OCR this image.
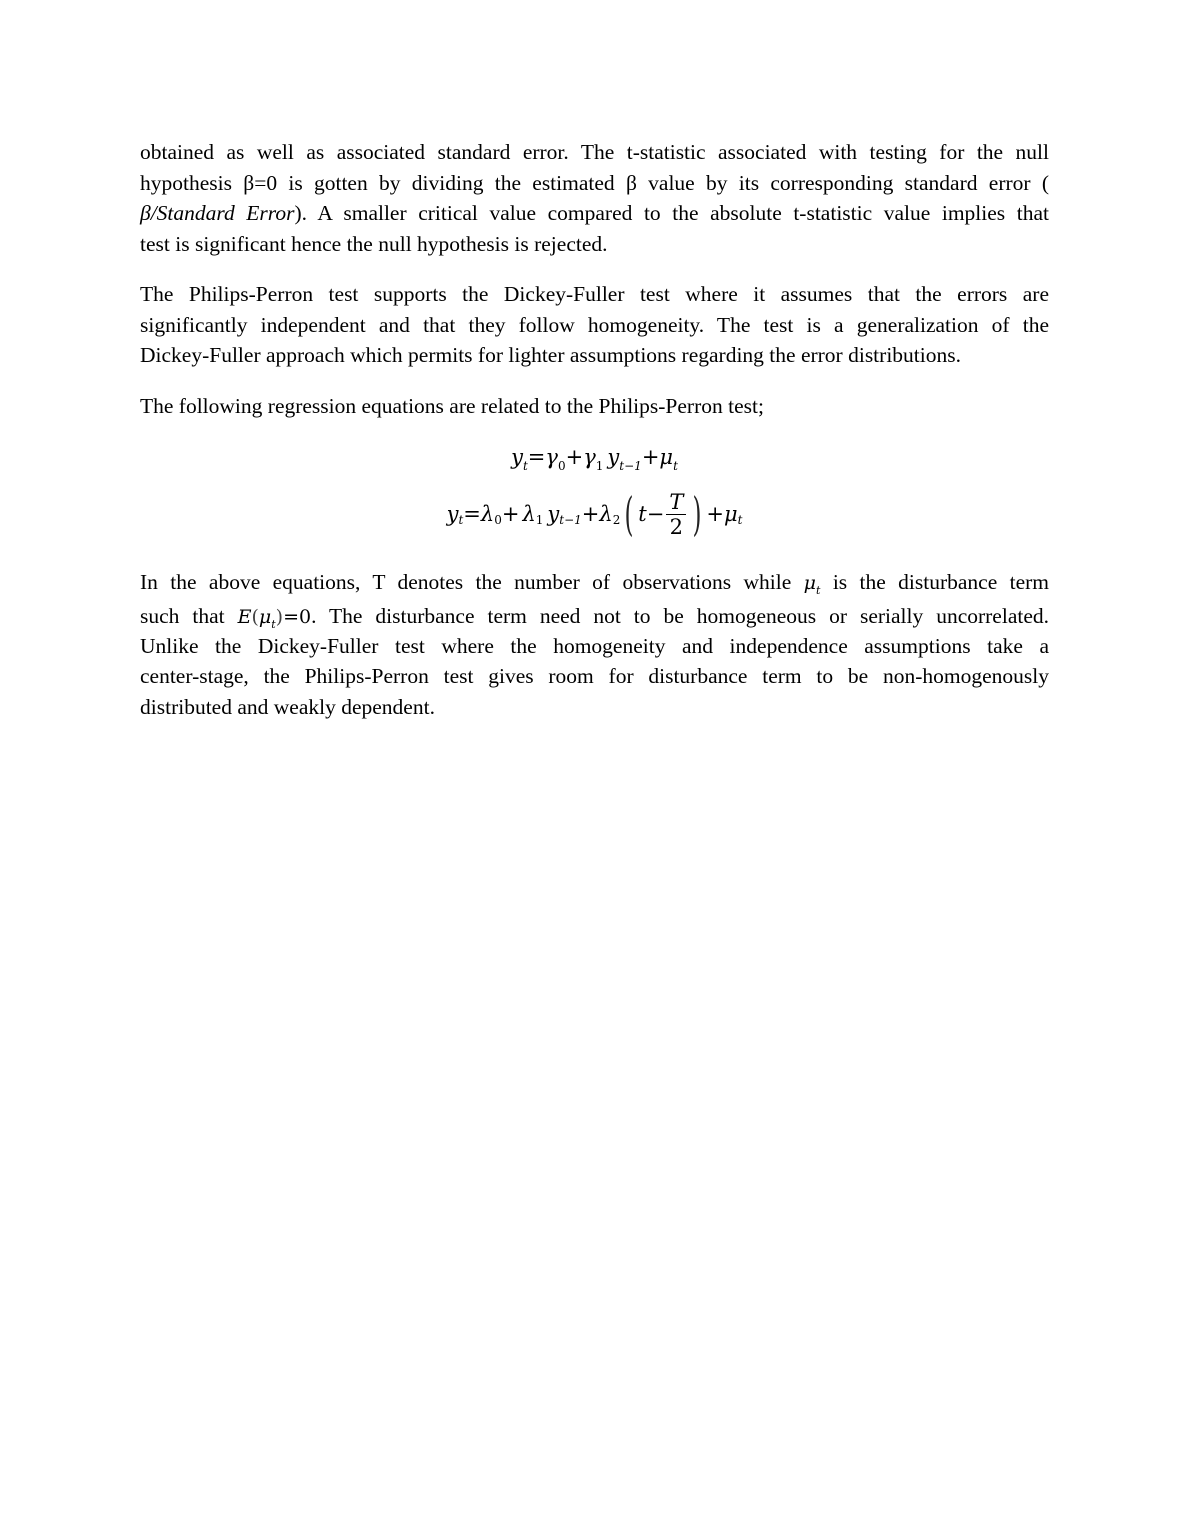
obtained as well as associated standard error. The t-statistic associated with testing for the null
hypothesis β=0 is gotten by dividing the estimated β value by its corresponding standard error (
β/Standard Error). A smaller critical value compared to the absolute t-statistic value implies that
test is significant hence the null hypothesis is rejected.

The Philips-Perron test supports the Dickey-Fuller test where it assumes that the errors are
significantly independent and that they follow homogeneity. The test is a generalization of the
Dickey-Fuller approach which permits for lighter assumptions regarding the error distributions.

The following regression equations are related to the Philips-Perron test;

$y_t=\gamma_0+\gamma_1$ $y_{t-1}+\mu_t$
y t = λ 0 + λ 1 y t−1 + λ 2 ( $t - \frac{T}{2}$ ) + μ t

In the above equations, T denotes the number of observations while $\mu_t$ is the disturbance term
such that $E(\mu_t)=0$. The disturbance term need not to be homogeneous or serially uncorrelated.
Unlike the Dickey-Fuller test where the homogeneity and independence assumptions take a
center-stage, the Philips-Perron test gives room for disturbance term to be non-homogenously
distributed and weakly dependent.
